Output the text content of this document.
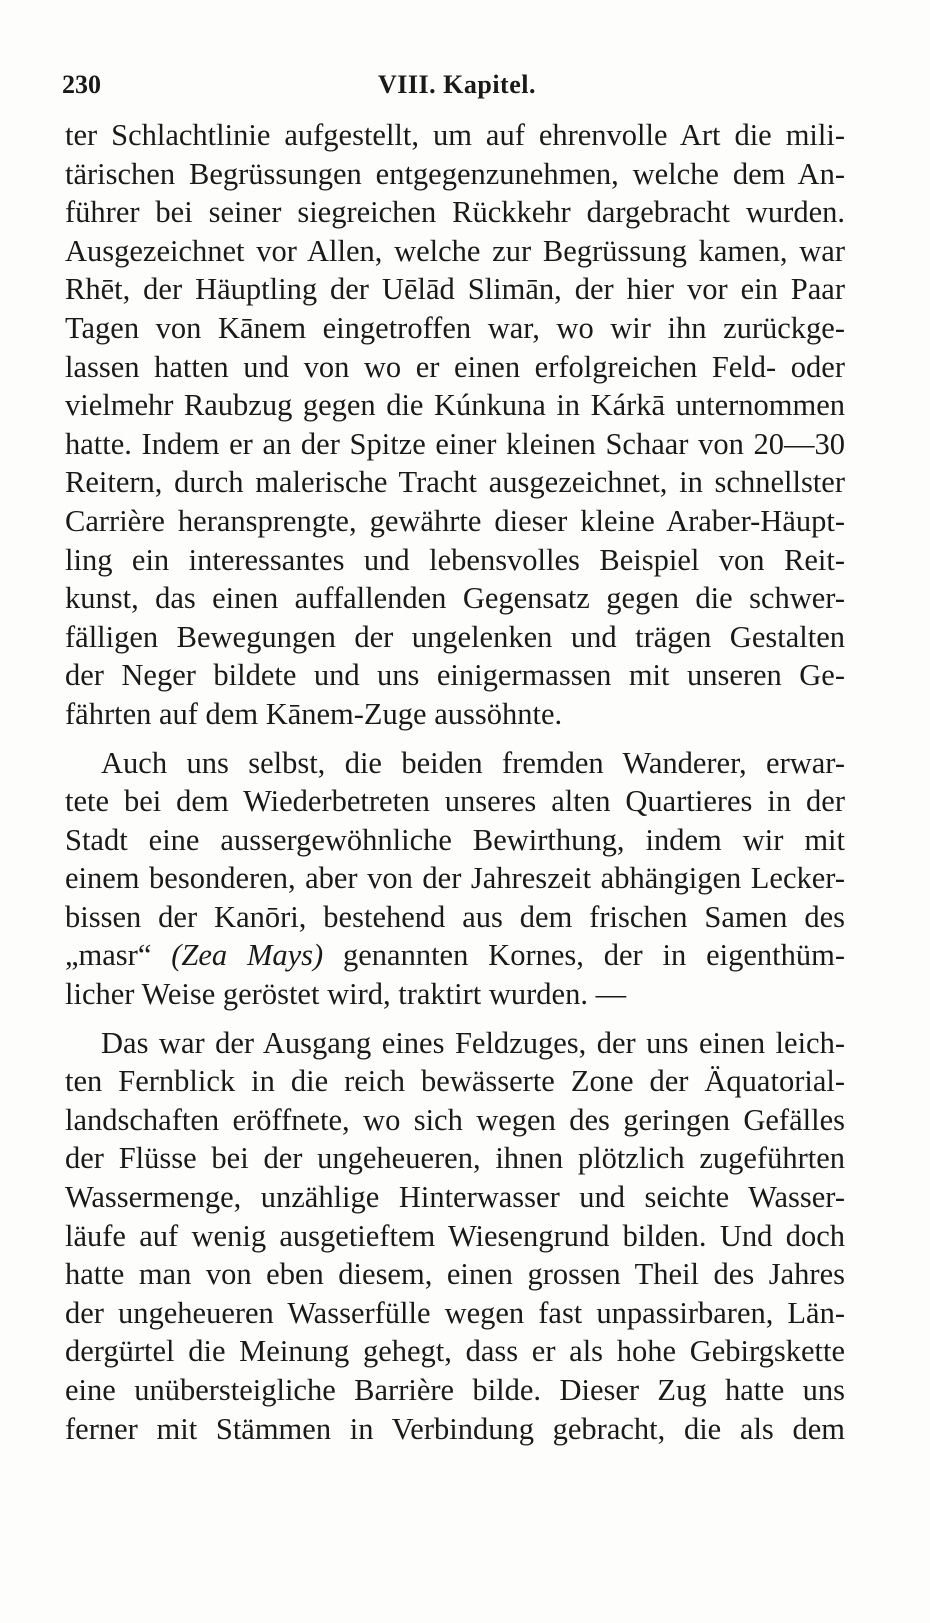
230	VIII. Kapitel.
ter Schlachtlinie aufgestellt, um auf ehrenvolle Art die mili-
tärischen Begrüssungen entgegenzunehmen, welche dem An-
führer bei seiner siegreichen Rückkehr dargebracht wurden.
Ausgezeichnet vor Allen, welche zur Begrüssung kamen, war
Rhēt, der Häuptling der Uēlād Slimān, der hier vor ein Paar
Tagen von Kānem eingetroffen war, wo wir ihn zurückge-
lassen hatten und von wo er einen erfolgreichen Feld- oder
vielmehr Raubzug gegen die Kúnkuna in Kárkā unternommen
hatte. Indem er an der Spitze einer kleinen Schaar von 20—30
Reitern, durch malerische Tracht ausgezeichnet, in schnellster
Carrière heransprengte, gewährte dieser kleine Araber-Häupt-
ling ein interessantes und lebensvolles Beispiel von Reit-
kunst, das einen auffallenden Gegensatz gegen die schwer-
fälligen Bewegungen der ungelenken und trägen Gestalten
der Neger bildete und uns einigermassen mit unseren Ge-
fährten auf dem Kānem-Zuge aussöhnte.
Auch uns selbst, die beiden fremden Wanderer, erwar-
tete bei dem Wiederbetreten unseres alten Quartieres in der
Stadt eine aussergewöhnliche Bewirthung, indem wir mit
einem besonderen, aber von der Jahreszeit abhängigen Lecker-
bissen der Kanōri, bestehend aus dem frischen Samen des
„masr“ (Zea Mays) genannten Kornes, der in eigenthüm-
licher Weise geröstet wird, traktirt wurden. —
Das war der Ausgang eines Feldzuges, der uns einen leich-
ten Fernblick in die reich bewässerte Zone der Äquatorial-
landschaften eröffnete, wo sich wegen des geringen Gefälles
der Flüsse bei der ungeheueren, ihnen plötzlich zugeführten
Wassermenge, unzählige Hinterwasser und seichte Wasser-
läufe auf wenig ausgetieftem Wiesengrund bilden. Und doch
hatte man von eben diesem, einen grossen Theil des Jahres
der ungeheueren Wasserfülle wegen fast unpassirbaren, Län-
dergürtel die Meinung gehegt, dass er als hohe Gebirgskette
eine unübersteigliche Barrière bilde. Dieser Zug hatte uns
ferner mit Stämmen in Verbindung gebracht, die als dem
